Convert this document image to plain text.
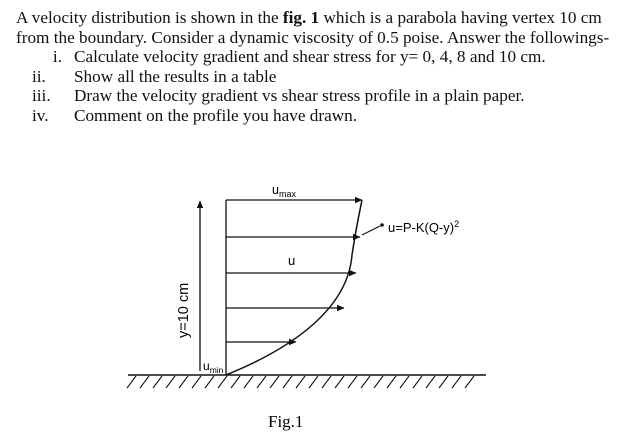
A velocity distribution is shown in the fig. 1 which is a parabola having vertex 10 cm from the boundary. Consider a dynamic viscosity of 0.5 poise. Answer the followings-

i. Calculate velocity gradient and shear stress for y= 0, 4, 8 and 10 cm.
ii.	Show all the results in a table
iii.	Draw the velocity gradient vs shear stress profile in a plain paper.
iv.	Comment on the profile you have drawn.
y=10 cm
$u_{max}$
u
$u_{min}$
$u=P-K(Q-y)^2$
Fig.1
